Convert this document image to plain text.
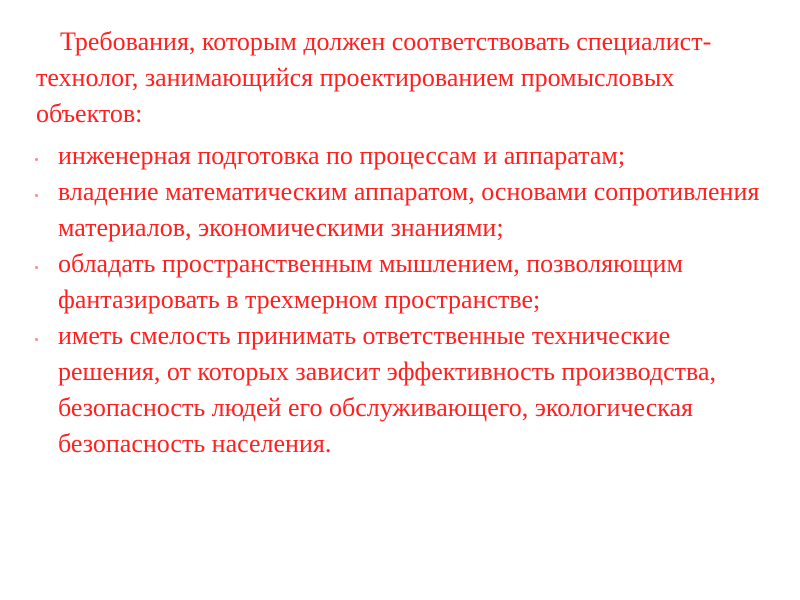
Требования, которым должен соответствовать специалист-технолог, занимающийся проектированием промысловых объектов:

инженерная подготовка по процессам и аппаратам;
владение математическим аппаратом, основами сопротивления материалов, экономическими знаниями;
обладать пространственным мышлением, позволяющим фантазировать в трехмерном пространстве;
иметь смелость принимать ответственные технические решения, от которых зависит эффективность производства, безопасность людей его обслуживающего, экологическая безопасность населения.
